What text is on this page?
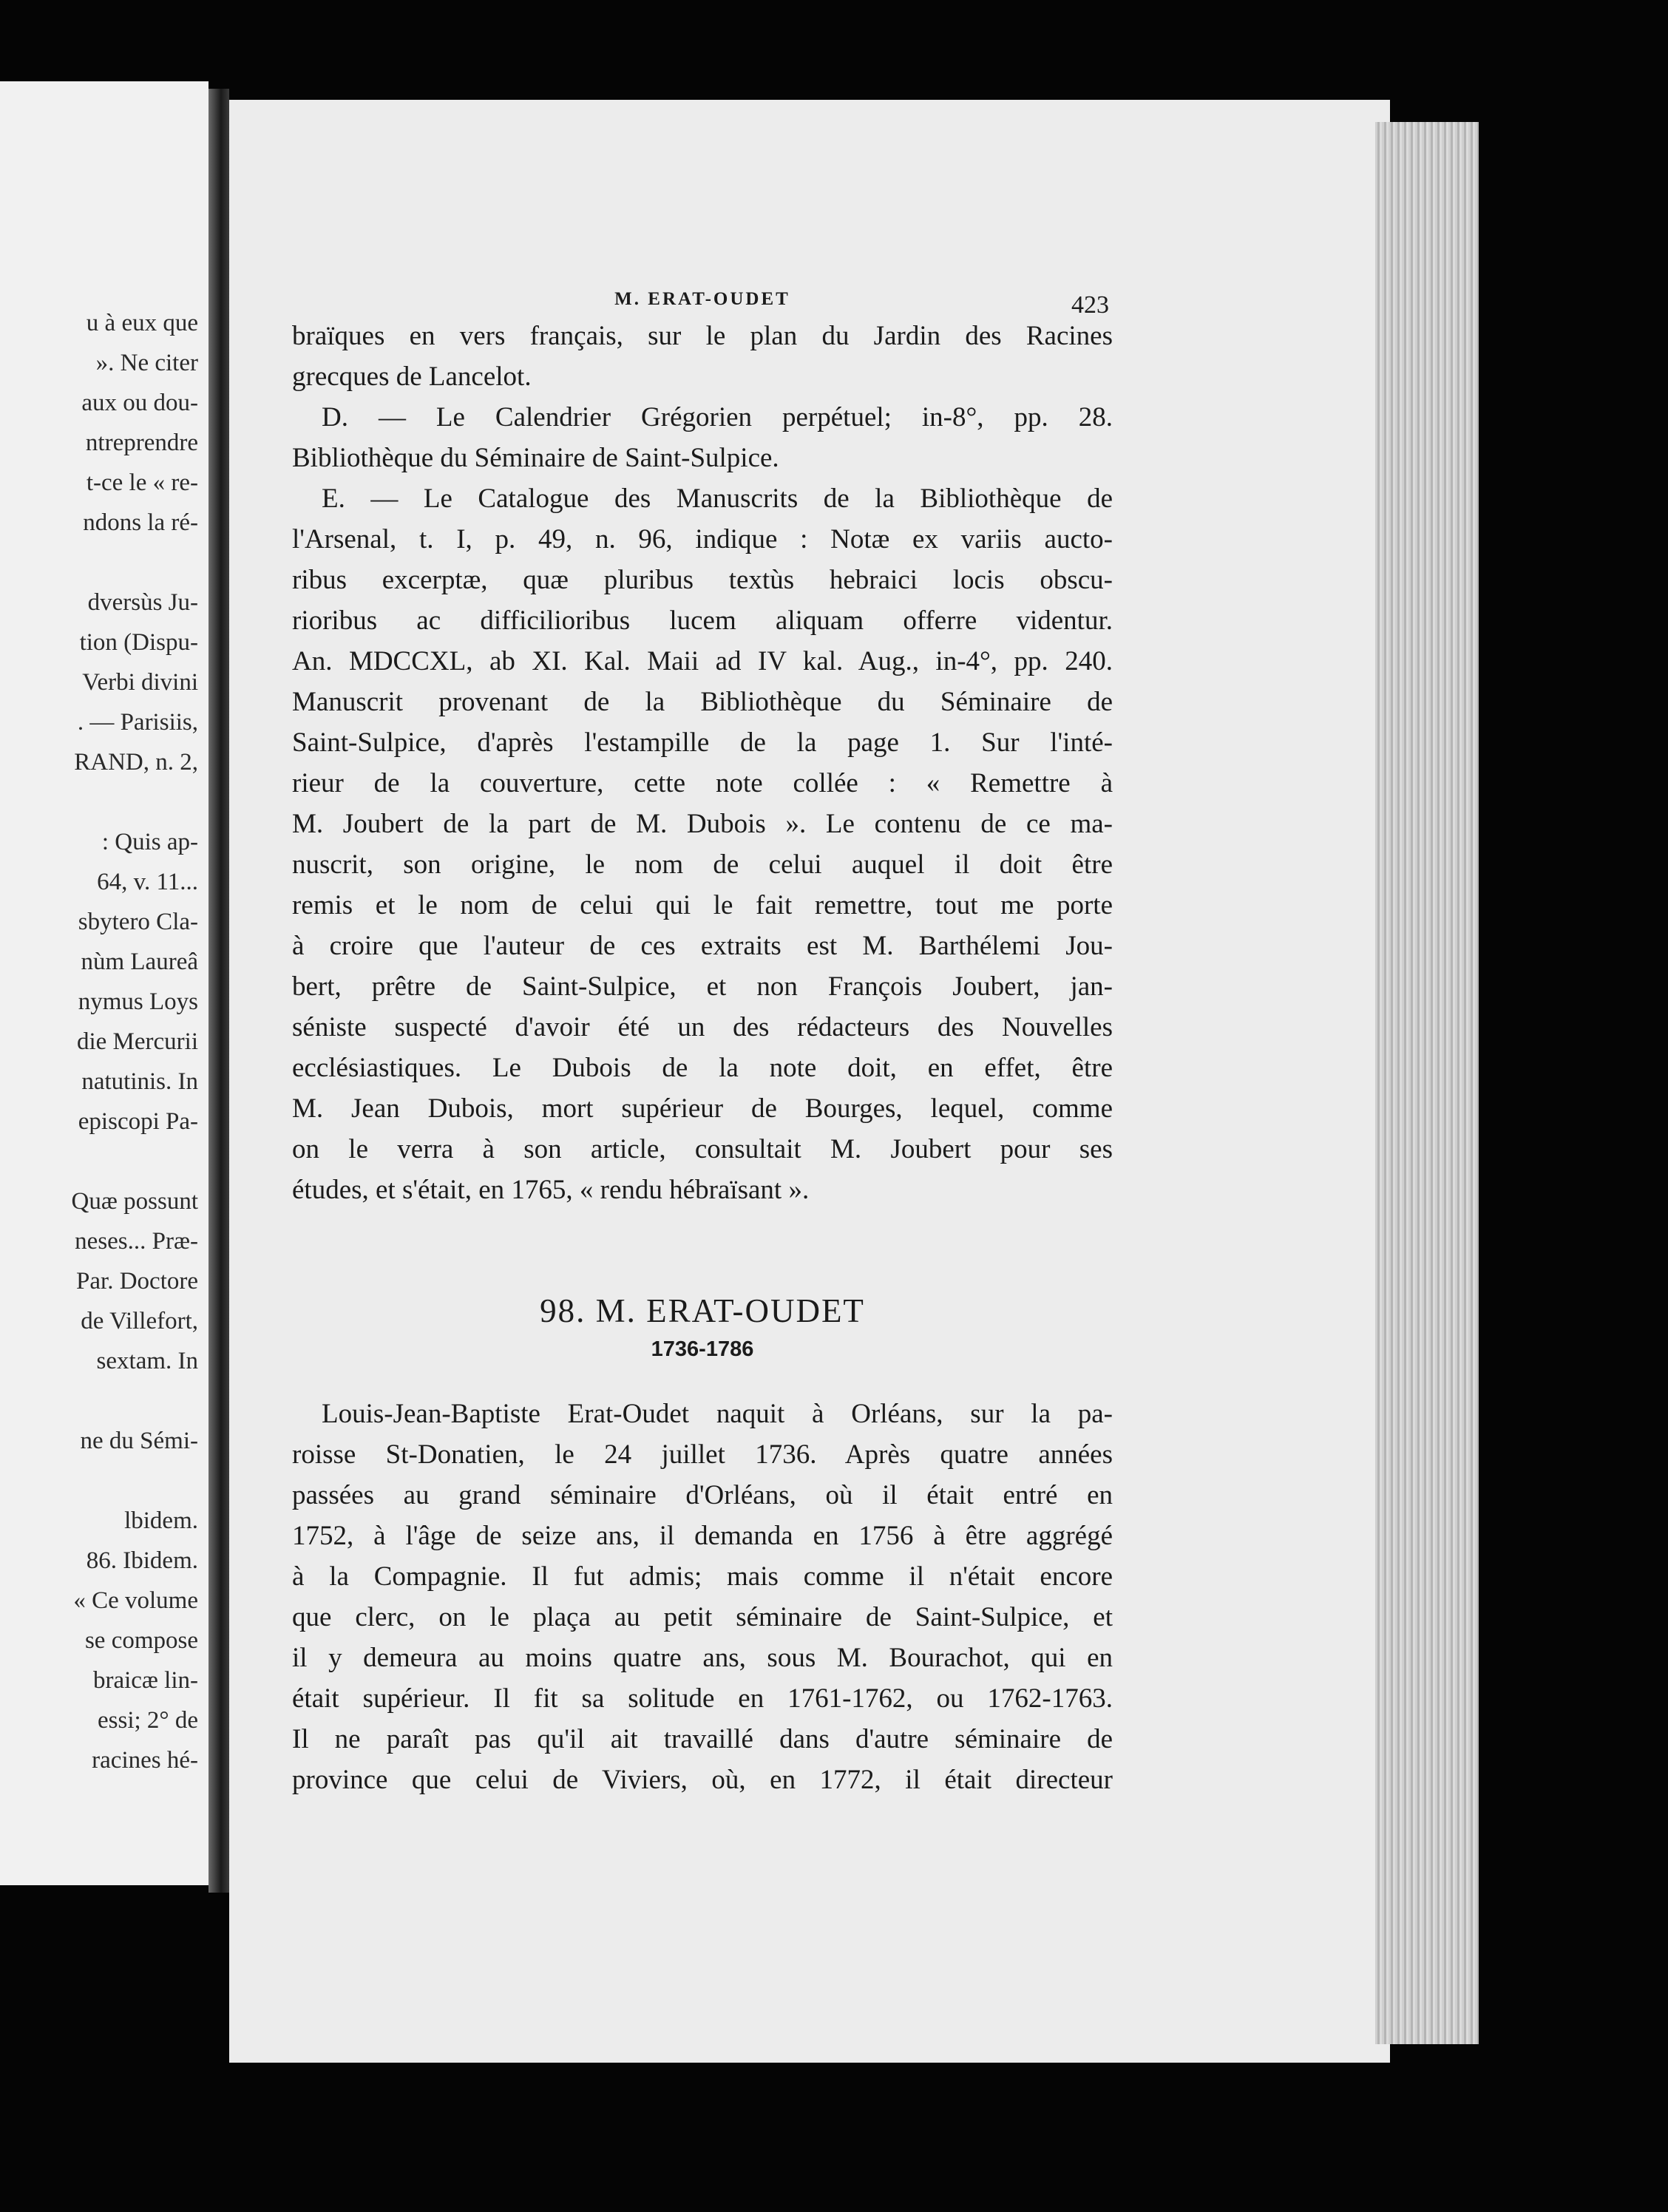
u à eux que
». Ne citer
aux ou dou-
ntreprendre
t-ce le « re-
ndons la ré-
dversùs Ju-
tion (Dispu-
Verbi divini
. — Parisiis,
RAND, n. 2,
: Quis ap-
64, v. 11...
sbytero Cla-
nùm Laureâ
nymus Loys
die Mercurii
natutinis. In
episcopi Pa-
Quæ possunt
neses... Præ-
Par. Doctore
de Villefort,
sextam. In
ne du Sémi-
lbidem.
86. Ibidem.
« Ce volume
se compose
braicæ lin-
essi; 2° de
racines hé-
M. ERAT-OUDET	423
braïques en vers français, sur le plan du Jardin des Racines
grecques de Lancelot.
D. — Le Calendrier Grégorien perpétuel; in-8°, pp. 28.
Bibliothèque du Séminaire de Saint-Sulpice.
E. — Le Catalogue des Manuscrits de la Bibliothèque de
l'Arsenal, t. I, p. 49, n. 96, indique : Notæ ex variis aucto-
ribus excerptæ, quæ pluribus textùs hebraici locis obscu-
rioribus ac difficilioribus lucem aliquam offerre videntur.
An. MDCCXL, ab XI. Kal. Maii ad IV kal. Aug., in-4°, pp. 240.
Manuscrit provenant de la Bibliothèque du Séminaire de
Saint-Sulpice, d'après l'estampille de la page 1. Sur l'inté-
rieur de la couverture, cette note collée : « Remettre à
M. Joubert de la part de M. Dubois ». Le contenu de ce ma-
nuscrit, son origine, le nom de celui auquel il doit être
remis et le nom de celui qui le fait remettre, tout me porte
à croire que l'auteur de ces extraits est M. Barthélemi Jou-
bert, prêtre de Saint-Sulpice, et non François Joubert, jan-
séniste suspecté d'avoir été un des rédacteurs des Nouvelles
ecclésiastiques. Le Dubois de la note doit, en effet, être
M. Jean Dubois, mort supérieur de Bourges, lequel, comme
on le verra à son article, consultait M. Joubert pour ses
études, et s'était, en 1765, « rendu hébraïsant ».
98. M. ERAT-OUDET
1736-1786
Louis-Jean-Baptiste Erat-Oudet naquit à Orléans, sur la pa-
roisse St-Donatien, le 24 juillet 1736. Après quatre années
passées au grand séminaire d'Orléans, où il était entré en
1752, à l'âge de seize ans, il demanda en 1756 à être aggrégé
à la Compagnie. Il fut admis; mais comme il n'était encore
que clerc, on le plaça au petit séminaire de Saint-Sulpice, et
il y demeura au moins quatre ans, sous M. Bourachot, qui en
était supérieur. Il fit sa solitude en 1761-1762, ou 1762-1763.
Il ne paraît pas qu'il ait travaillé dans d'autre séminaire de
province que celui de Viviers, où, en 1772, il était directeur
